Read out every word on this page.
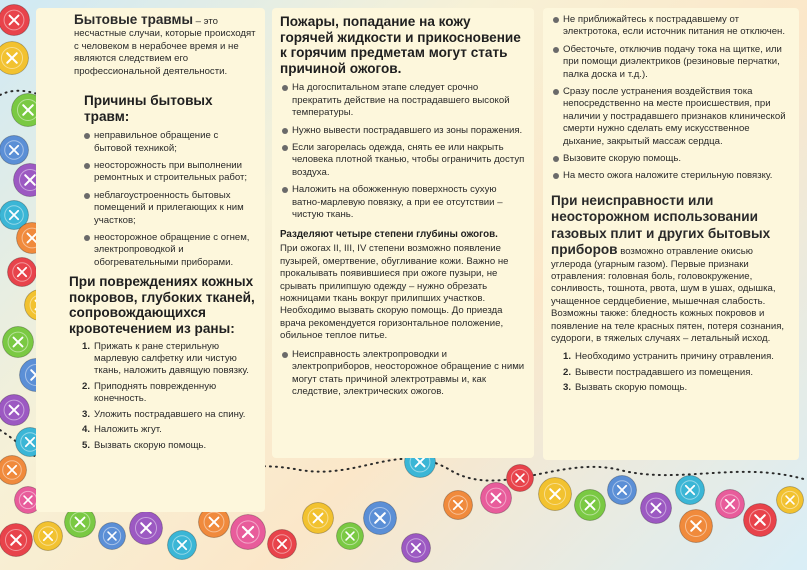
Бытовые травмы – это несчастные случаи, которые происходят с человеком в нерабочее время и не являются следствием его профессиональной деятельности.

Причины бытовых травм:
неправильное обращение с бытовой техникой;
неосторожность при выполнении ремонтных и строительных работ;
неблагоустроенность бытовых помещений и прилегающих к ним участков;
неосторожное обращение с огнем, электропроводкой и обогревательными приборами.
При повреждениях кожных покровов, глубоких тканей, сопровождающихся кровотечением из раны:
1. Прижать к ране стерильную марлевую салфетку или чистую ткань, наложить давящую повязку.
2. Приподнять поврежденную конечность.
3. Уложить пострадавшего на спину.
4. Наложить жгут.
5. Вызвать скорую помощь.
Пожары, попадание на кожу горячей жидкости и прикосновение к горячим предметам могут стать причиной ожогов.
На догоспитальном этапе следует срочно прекратить действие на пострадавшего высокой температуры.
Нужно вывести пострадавшего из зоны поражения.
Если загорелась одежда, снять ее или накрыть человека плотной тканью, чтобы ограничить доступ воздуха.
Наложить на обожженную поверхность сухую ватно-марлевую повязку, а при ее отсутствии – чистую ткань.
Разделяют четыре степени глубины ожогов.

При ожогах II, III, IV степени возможно появление пузырей, омертвение, обугливание кожи. Важно не прокалывать появившиеся при ожоге пузыри, не срывать прилипшую одежду – нужно обрезать ножницами ткань вокруг прилипших участков. Необходимо вызвать скорую помощь. До приезда врача рекомендуется горизонтальное положение, обильное теплое питье.

Неисправность электропроводки и электроприборов, неосторожное обращение с ними могут стать причиной электротравмы и, как следствие, электрических ожогов.
Не приближайтесь к пострадавшему от электротока, если источник питания не отключен.
Обесточьте, отключив подачу тока на щитке, или при помощи диэлектриков (резиновые перчатки, палка доска и т.д.).
Сразу после устранения воздействия тока непосредственно на месте происшествия, при наличии у пострадавшего признаков клинической смерти нужно сделать ему искусственное дыхание, закрытый массаж сердца.
Вызовите скорую помощь.
На место ожога наложите стерильную повязку.

При неисправности или неосторожном использовании газовых плит и других бытовых приборов возможно отравление окисью углерода (угарным газом). Первые признаки отравления: головная боль, головокружение, сонливость, тошнота, рвота, шум в ушах, одышка, учащенное сердцебиение, мышечная слабость. Возможны также: бледность кожных покровов и появление на теле красных пятен, потеря сознания, судороги, в тяжелых случаях – летальный исход.

1. Необходимо устранить причину отравления.
2. Вывести пострадавшего из помещения.
3. Вызвать скорую помощь.
